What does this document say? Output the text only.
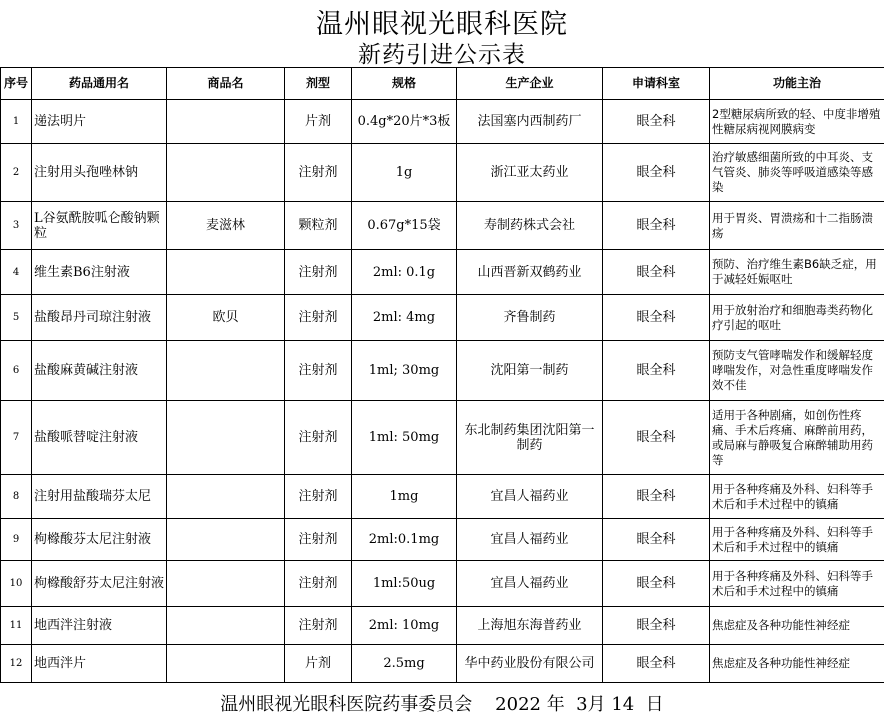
温州眼视光眼科医院
新药引进公示表
序号	药品通用名	商品名	剂型	规格	生产企业	申请科室	功能主治
1	递法明片		片剂	0.4g*20片*3板	法国塞内西制药厂	眼全科	2型糖尿病所致的轻、中度非增殖性糖尿病视网膜病变
2	注射用头孢唑林钠		注射剂	1g	浙江亚太药业	眼全科	治疗敏感细菌所致的中耳炎、支气管炎、肺炎等呼吸道感染等感染
3	L谷氨酰胺呱仑酸钠颗粒	麦滋林	颗粒剂	0.67g*15袋	寿制药株式会社	眼全科	用于胃炎、胃溃疡和十二指肠溃疡
4	维生素B6注射液		注射剂	2ml: 0.1g	山西晋新双鹤药业	眼全科	预防、治疗维生素B6缺乏症，用于减轻妊娠呕吐
5	盐酸昂丹司琼注射液	欧贝	注射剂	2ml: 4mg	齐鲁制药	眼全科	用于放射治疗和细胞毒类药物化疗引起的呕吐
6	盐酸麻黄碱注射液		注射剂	1ml; 30mg	沈阳第一制药	眼全科	预防支气管哮喘发作和缓解轻度哮喘发作，对急性重度哮喘发作效不佳
7	盐酸哌替啶注射液		注射剂	1ml: 50mg	东北制药集团沈阳第一制药	眼全科	适用于各种剧痛，如创伤性疼痛、手术后疼痛、麻醉前用药，或局麻与静吸复合麻醉辅助用药等
8	注射用盐酸瑞芬太尼		注射剂	1mg	宜昌人福药业	眼全科	用于各种疼痛及外科、妇科等手术后和手术过程中的镇痛
9	枸橼酸芬太尼注射液		注射剂	2ml:0.1mg	宜昌人福药业	眼全科	用于各种疼痛及外科、妇科等手术后和手术过程中的镇痛
10	枸橼酸舒芬太尼注射液		注射剂	1ml:50ug	宜昌人福药业	眼全科	用于各种疼痛及外科、妇科等手术后和手术过程中的镇痛
11	地西泮注射液		注射剂	2ml: 10mg	上海旭东海普药业	眼全科	焦虑症及各种功能性神经症
12	地西泮片		片剂	2.5mg	华中药业股份有限公司	眼全科	焦虑症及各种功能性神经症
温州眼视光眼科医院药事委员会    2022 年  3月 14  日
